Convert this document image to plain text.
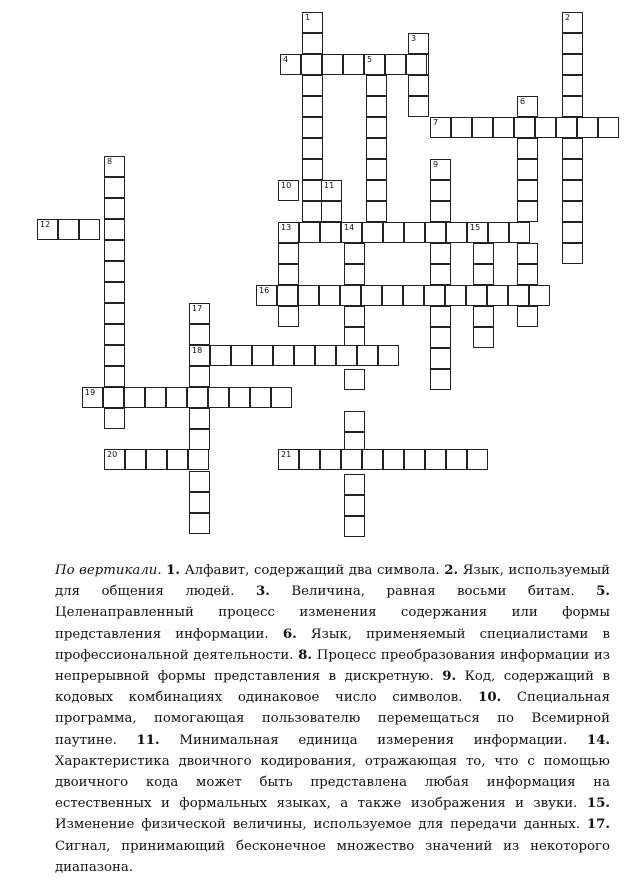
1	2
3
4	5
6
7
8	9
10	11
12	13	14	15
16
17
18
19
20	21
По вертикали. 1. Алфавит, содержащий два символа. 2. Язык, используемый для общения людей. 3. Величина, равная восьми битам. 5. Целенаправленный процесс изменения содержания или формы представления информации. 6. Язык, применяемый специалистами в профессиональной деятельности. 8. Процесс преобразования информации из непрерывной формы представления в дискретную. 9. Код, содержащий в кодовых комбинациях одинаковое число символов. 10. Специальная программа, помогающая пользователю перемещаться по Всемирной паутине. 11. Минимальная единица измерения информации. 14. Характеристика двоичного кодирования, отражающая то, что с помощью двоичного кода может быть представлена любая информация на естественных и формальных языках, а также изображения и звуки. 15. Изменение физической величины, используемое для передачи данных. 17. Сигнал, принимающий бесконечное множество значений из некоторого диапазона.
